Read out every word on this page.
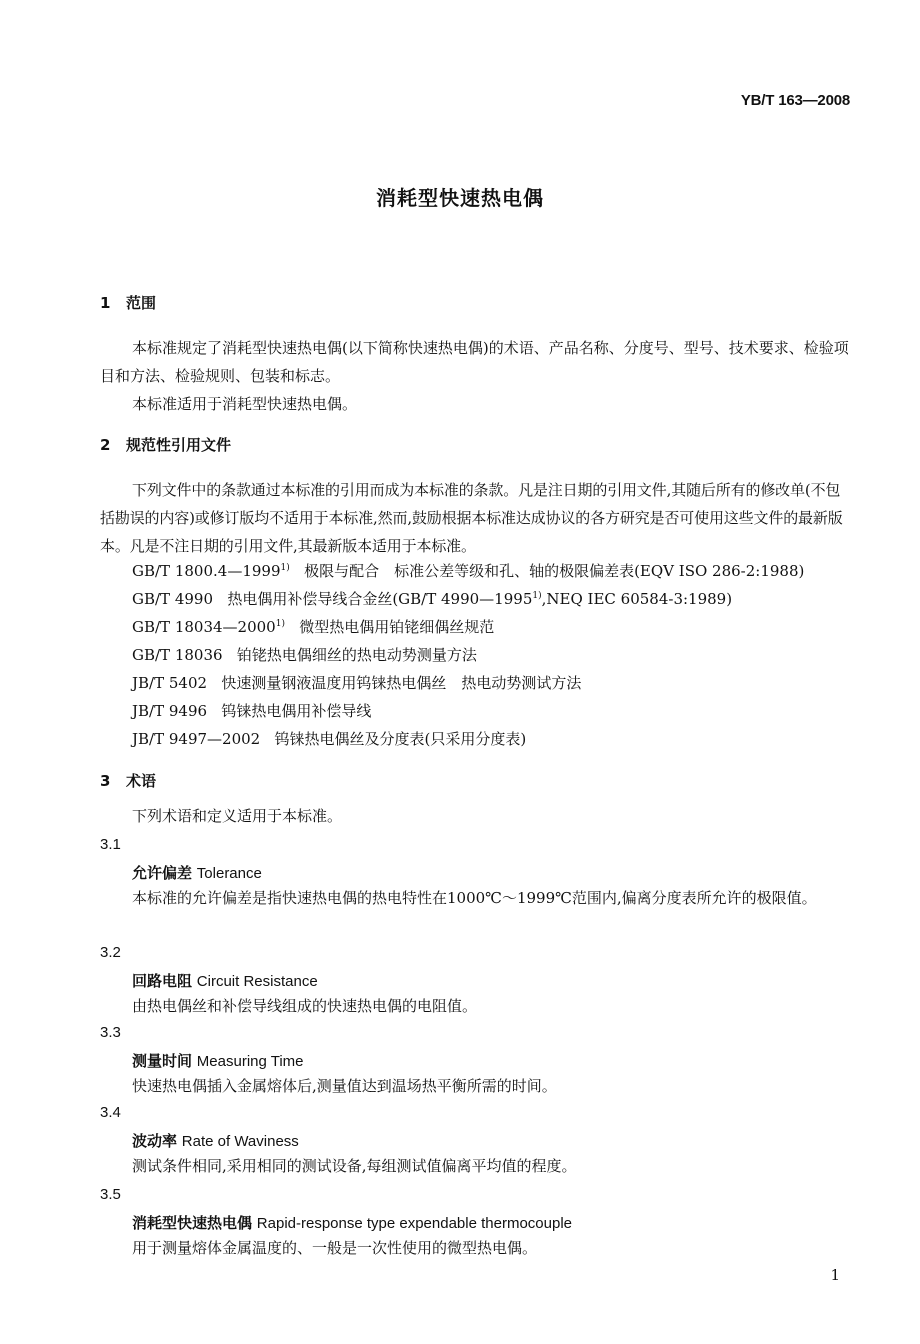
YB/T 163—2008
消耗型快速热电偶
1 范围
本标准规定了消耗型快速热电偶(以下简称快速热电偶)的术语、产品名称、分度号、型号、技术要求、检验项目和方法、检验规则、包装和标志。
本标准适用于消耗型快速热电偶。
2 规范性引用文件
下列文件中的条款通过本标准的引用而成为本标准的条款。凡是注日期的引用文件,其随后所有的修改单(不包括勘误的内容)或修订版均不适用于本标准,然而,鼓励根据本标准达成协议的各方研究是否可使用这些文件的最新版本。凡是不注日期的引用文件,其最新版本适用于本标准。
GB/T 1800.4—1999$^{1)}$ 极限与配合　标准公差等级和孔、轴的极限偏差表(EQV ISO 286-2:1988)
GB/T 4990 热电偶用补偿导线合金丝(GB/T 4990—1995$^{1)}$,NEQ IEC 60584-3:1989)
GB/T 18034—2000$^{1)}$ 微型热电偶用铂铑细偶丝规范
GB/T 18036 铂铑热电偶细丝的热电动势测量方法
JB/T 5402 快速测量钢液温度用钨铼热电偶丝　热电动势测试方法
JB/T 9496 钨铼热电偶用补偿导线
JB/T 9497—2002 钨铼热电偶丝及分度表(只采用分度表)
3 术语
下列术语和定义适用于本标准。
3.1
允许偏差 Tolerance
本标准的允许偏差是指快速热电偶的热电特性在1000℃～1999℃范围内,偏离分度表所允许的极限值。
3.2
回路电阻 Circuit Resistance
由热电偶丝和补偿导线组成的快速热电偶的电阻值。
3.3
测量时间 Measuring Time
快速热电偶插入金属熔体后,测量值达到温场热平衡所需的时间。
3.4
波动率 Rate of Waviness
测试条件相同,采用相同的测试设备,每组测试值偏离平均值的程度。
3.5
消耗型快速热电偶 Rapid-response type expendable thermocouple
用于测量熔体金属温度的、一般是一次性使用的微型热电偶。
1
